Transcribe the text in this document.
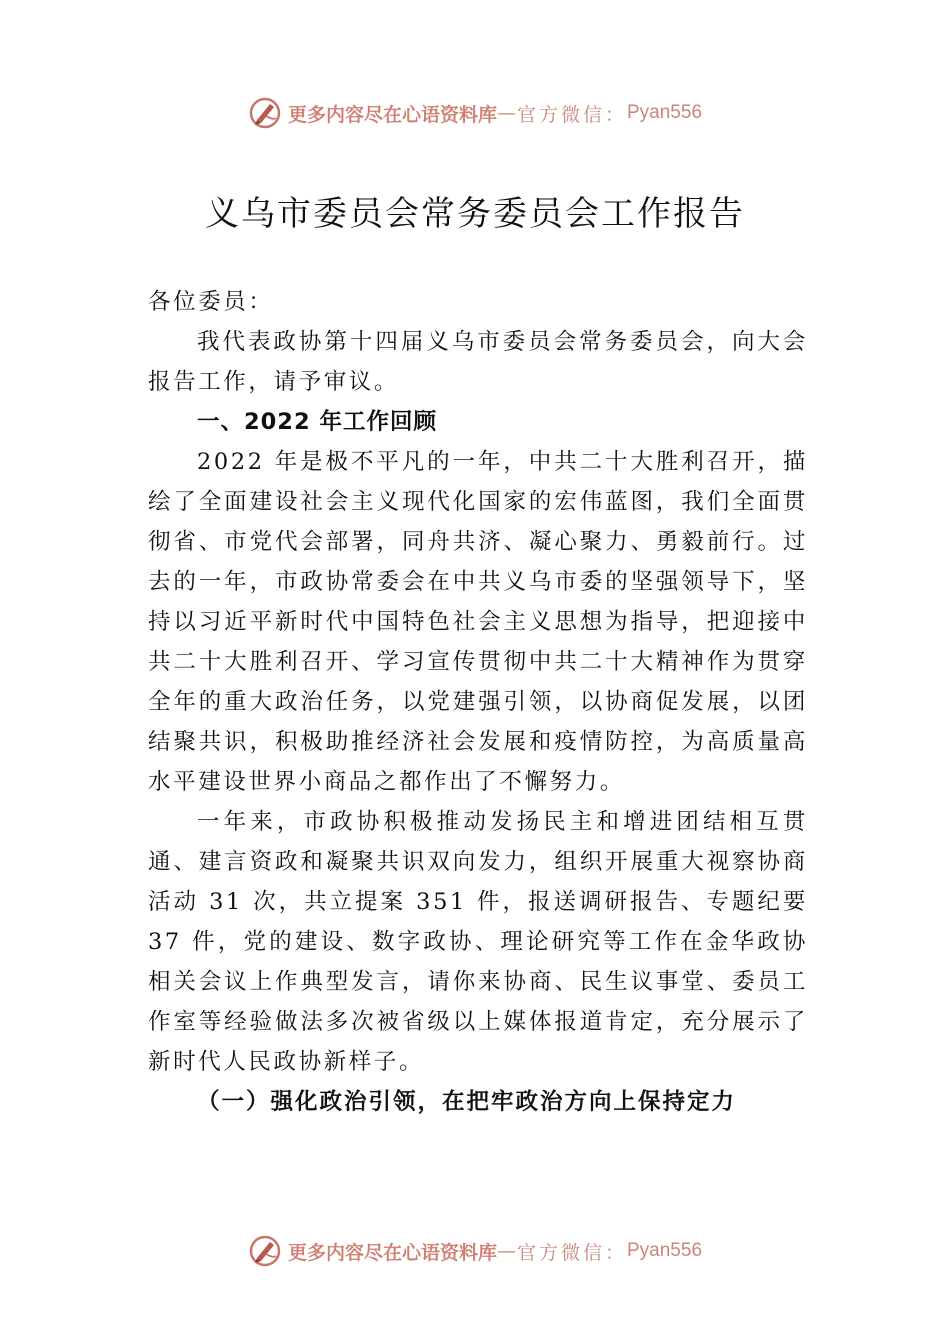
更多内容尽在心语资料库 — 官方微信： Pyan556
义乌市委员会常务委员会工作报告

各位委员：

我代表政协第十四届义乌市委员会常务委员会，向大会报告工作，请予审议。

一、2022 年工作回顾

2022 年是极不平凡的一年，中共二十大胜利召开，描绘了全面建设社会主义现代化国家的宏伟蓝图，我们全面贯彻省、市党代会部署，同舟共济、凝心聚力、勇毅前行。过去的一年，市政协常委会在中共义乌市委的坚强领导下，坚持以习近平新时代中国特色社会主义思想为指导，把迎接中共二十大胜利召开、学习宣传贯彻中共二十大精神作为贯穿全年的重大政治任务，以党建强引领，以协商促发展，以团结聚共识，积极助推经济社会发展和疫情防控，为高质量高水平建设世界小商品之都作出了不懈努力。

一年来，市政协积极推动发扬民主和增进团结相互贯通、建言资政和凝聚共识双向发力，组织开展重大视察协商活动 31 次，共立提案 351 件，报送调研报告、专题纪要 37 件，党的建设、数字政协、理论研究等工作在金华政协相关会议上作典型发言，请你来协商、民生议事堂、委员工作室等经验做法多次被省级以上媒体报道肯定，充分展示了新时代人民政协新样子。

（一）强化政治引领，在把牢政治方向上保持定力

更多内容尽在心语资料库 — 官方微信： Pyan556
